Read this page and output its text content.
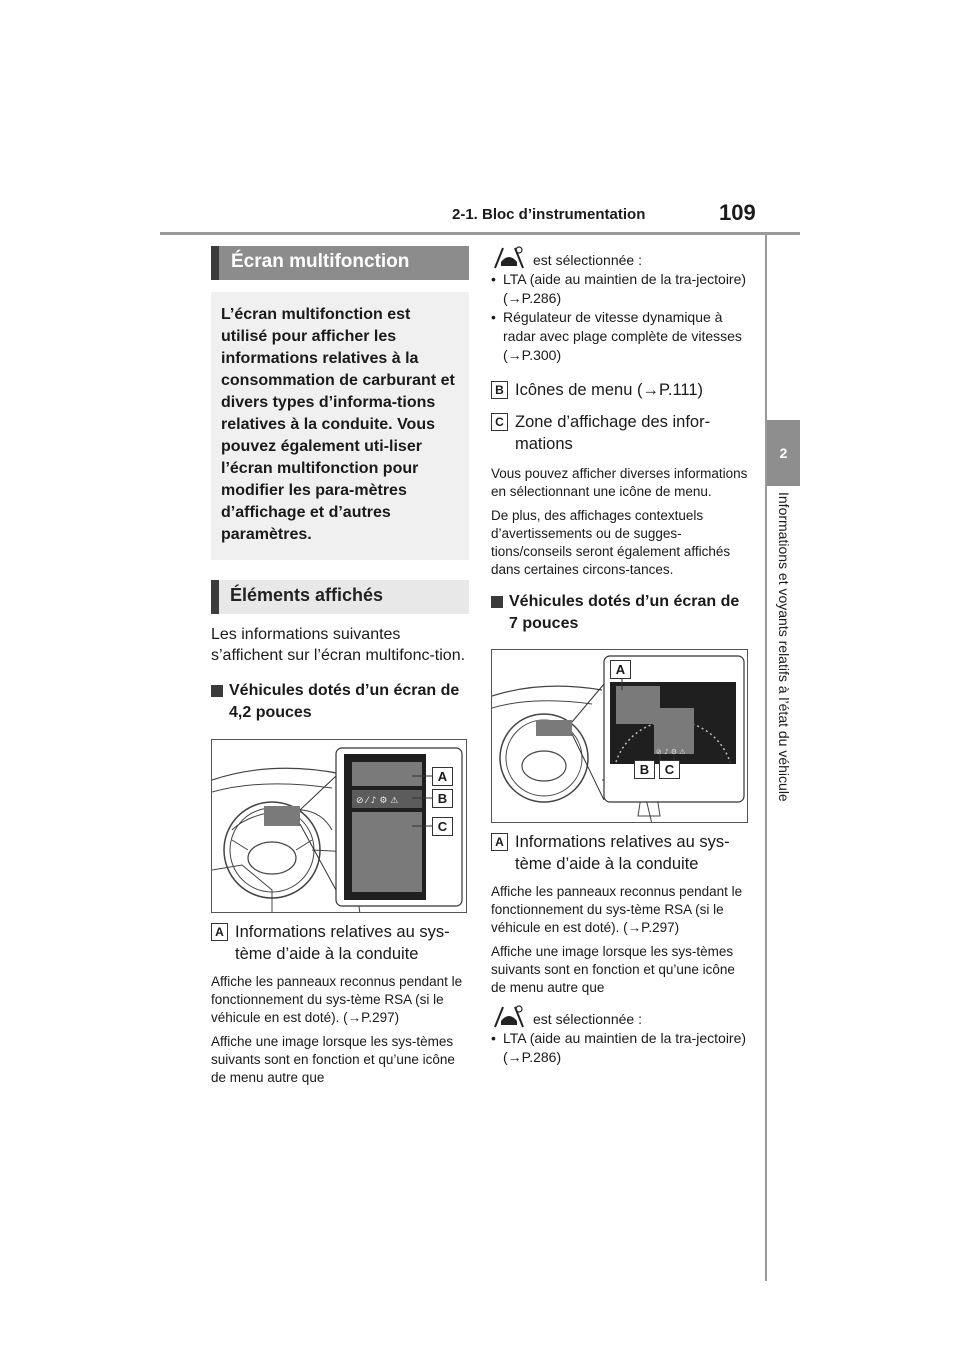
2-1. Bloc d’instrumentation	109
2
Informations et voyants relatifs à l’état du véhicule
Écran multifonction
L’écran multifonction est utilisé pour afficher les informations relatives à la consommation de carburant et divers types d’informa-tions relatives à la conduite. Vous pouvez également uti-liser l’écran multifonction pour modifier les para-mètres d’affichage et d’autres paramètres.
Éléments affichés
Les informations suivantes s’affichent sur l’écran multifonc-tion.
Véhicules dotés d’un écran de 4,2 pouces
⊘ ⁄ ♪ ⚙ ⚠
A
B
C
A Informations relatives au sys-tème d’aide à la conduite
Affiche les panneaux reconnus pendant le fonctionnement du sys-tème RSA (si le véhicule en est doté). (→P.297)
Affiche une image lorsque les sys-tèmes suivants sont en fonction et qu’une icône de menu autre que
est sélectionnée :
• LTA (aide au maintien de la tra-jectoire) (→P.286)
• Régulateur de vitesse dynamique à radar avec plage complète de vitesses (→P.300)
B Icônes de menu (→P.111)
C Zone d’affichage des infor-mations
Vous pouvez afficher diverses informations en sélectionnant une icône de menu.
De plus, des affichages contextuels d’avertissements ou de sugges-tions/conseils seront également affichés dans certaines circons-tances.
Véhicules dotés d’un écran de 7 pouces
⊘ ♪ ⚙ ⚠
A
B	C
A Informations relatives au sys-tème d’aide à la conduite
Affiche les panneaux reconnus pendant le fonctionnement du sys-tème RSA (si le véhicule en est doté). (→P.297)
Affiche une image lorsque les sys-tèmes suivants sont en fonction et qu’une icône de menu autre que
est sélectionnée :
• LTA (aide au maintien de la tra-jectoire) (→P.286)
